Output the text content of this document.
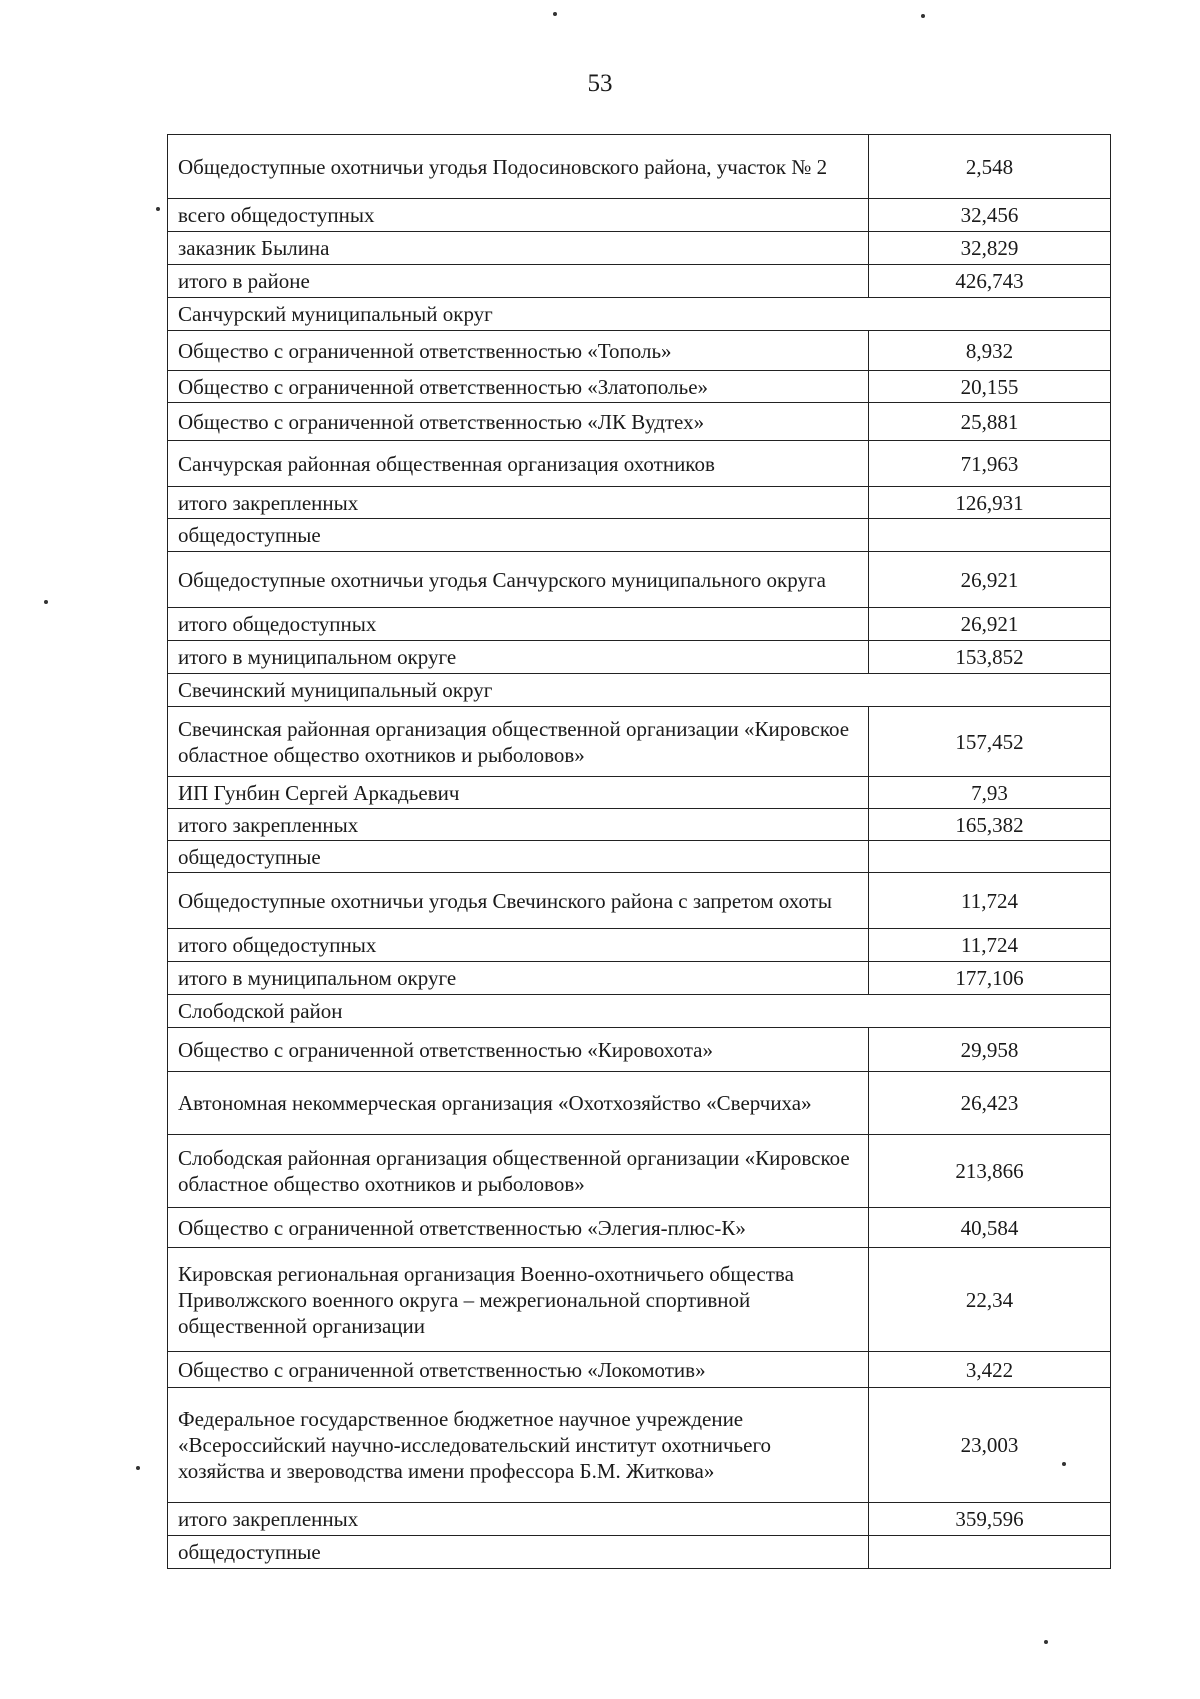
53
Общедоступные охотничьи угодья Подосиновского района, участок № 2	2,548
всего общедоступных	32,456
заказник Былина	32,829
итого в районе	426,743
Санчурский муниципальный округ	
Общество с ограниченной ответственностью «Тополь»	8,932
Общество с ограниченной ответственностью «Златополье»	20,155
Общество с ограниченной ответственностью «ЛК Вудтех»	25,881
Санчурская районная общественная организация охотников	71,963
итого закрепленных	126,931
общедоступные	
Общедоступные охотничьи угодья Санчурского муниципального округа	26,921
итого общедоступных	26,921
итого в муниципальном округе	153,852
Свечинский муниципальный округ	
Свечинская районная организация общественной организации «Кировское областное общество охотников и рыболовов»	157,452
ИП Гунбин Сергей Аркадьевич	7,93
итого закрепленных	165,382
общедоступные	
Общедоступные охотничьи угодья Свечинского района с запретом охоты	11,724
итого общедоступных	11,724
итого в муниципальном округе	177,106
Слободской район	
Общество с ограниченной ответственностью «Кировохота»	29,958
Автономная некоммерческая организация «Охотхозяйство «Сверчиха»	26,423
Слободская районная организация общественной организации «Кировское областное общество охотников и рыболовов»	213,866
Общество с ограниченной ответственностью «Элегия-плюс-К»	40,584
Кировская региональная организация Военно-охотничьего общества Приволжского военного округа – межрегиональной спортивной общественной организации	22,34
Общество с ограниченной ответственностью «Локомотив»	3,422
Федеральное государственное бюджетное научное учреждение «Всероссийский научно-исследовательский институт охотничьего хозяйства и звероводства имени профессора Б.М. Житкова»	23,003
итого закрепленных	359,596
общедоступные	
